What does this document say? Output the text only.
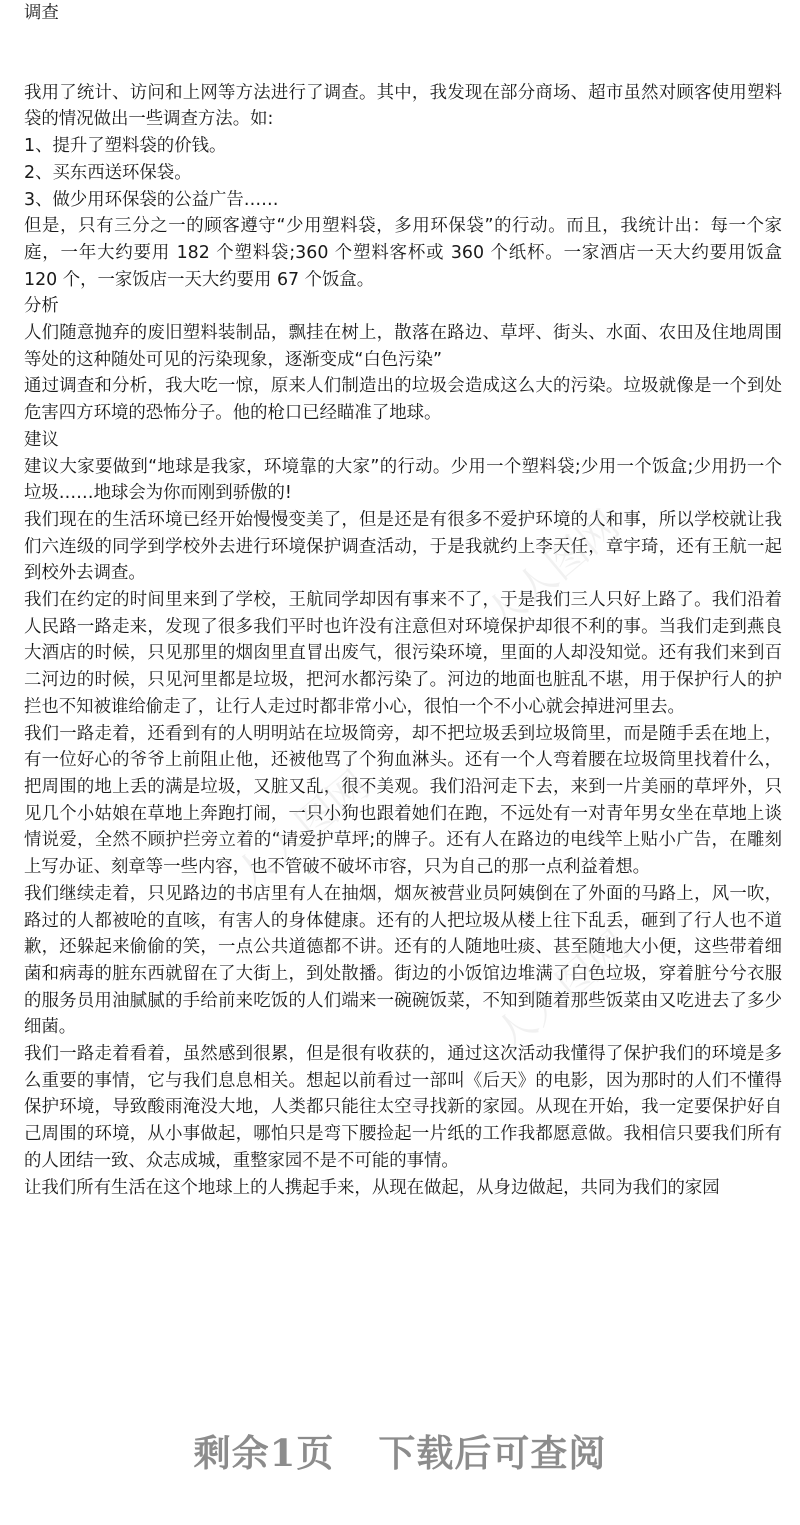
调查

我用了统计、访问和上网等方法进行了调查。其中，我发现在部分商场、超市虽然对顾客使用塑料袋的情况做出一些调查方法。如:

1、提升了塑料袋的价钱。

2、买东西送环保袋。

3、做少用环保袋的公益广告……

但是，只有三分之一的顾客遵守“少用塑料袋，多用环保袋”的行动。而且，我统计出：每一个家庭，一年大约要用 182 个塑料袋;360 个塑料客杯或 360 个纸杯。一家酒店一天大约要用饭盒 120 个，一家饭店一天大约要用 67 个饭盒。

分析

人们随意抛弃的废旧塑料装制品，飘挂在树上，散落在路边、草坪、街头、水面、农田及住地周围等处的这种随处可见的污染现象，逐渐变成“白色污染”

通过调查和分析，我大吃一惊，原来人们制造出的垃圾会造成这么大的污染。垃圾就像是一个到处危害四方环境的恐怖分子。他的枪口已经瞄准了地球。

建议

建议大家要做到“地球是我家，环境靠的大家”的行动。少用一个塑料袋;少用一个饭盒;少用扔一个垃圾……地球会为你而刚到骄傲的!

我们现在的生活环境已经开始慢慢变美了，但是还是有很多不爱护环境的人和事，所以学校就让我们六连级的同学到学校外去进行环境保护调查活动，于是我就约上李天任，章宇琦，还有王航一起到校外去调查。

我们在约定的时间里来到了学校，王航同学却因有事来不了，于是我们三人只好上路了。我们沿着人民路一路走来，发现了很多我们平时也许没有注意但对环境保护却很不利的事。当我们走到燕良大酒店的时候，只见那里的烟囱里直冒出废气，很污染环境，里面的人却没知觉。还有我们来到百二河边的时候，只见河里都是垃圾，把河水都污染了。河边的地面也脏乱不堪，用于保护行人的护拦也不知被谁给偷走了，让行人走过时都非常小心，很怕一个不小心就会掉进河里去。

我们一路走着，还看到有的人明明站在垃圾筒旁，却不把垃圾丢到垃圾筒里，而是随手丢在地上，有一位好心的爷爷上前阻止他，还被他骂了个狗血淋头。还有一个人弯着腰在垃圾筒里找着什么，把周围的地上丢的满是垃圾，又脏又乱，很不美观。我们沿河走下去，来到一片美丽的草坪外，只见几个小姑娘在草地上奔跑打闹，一只小狗也跟着她们在跑，不远处有一对青年男女坐在草地上谈情说爱，全然不顾护拦旁立着的“请爱护草坪;的牌子。还有人在路边的电线竿上贴小广告，在雕刻上写办证、刻章等一些内容，也不管破不破坏市容，只为自己的那一点利益着想。

我们继续走着，只见路边的书店里有人在抽烟，烟灰被营业员阿姨倒在了外面的马路上，风一吹，路过的人都被呛的直咳，有害人的身体健康。还有的人把垃圾从楼上往下乱丢，砸到了行人也不道歉，还躲起来偷偷的笑，一点公共道德都不讲。还有的人随地吐痰、甚至随地大小便，这些带着细菌和病毒的脏东西就留在了大街上，到处散播。街边的小饭馆边堆满了白色垃圾，穿着脏兮兮衣服的服务员用油腻腻的手给前来吃饭的人们端来一碗碗饭菜，不知到随着那些饭菜由又吃进去了多少细菌。

我们一路走着看着，虽然感到很累，但是很有收获的，通过这次活动我懂得了保护我们的环境是多么重要的事情，它与我们息息相关。想起以前看过一部叫《后天》的电影，因为那时的人们不懂得保护环境，导致酸雨淹没大地，人类都只能往太空寻找新的家园。从现在开始，我一定要保护好自己周围的环境，从小事做起，哪怕只是弯下腰捡起一片纸的工作我都愿意做。我相信只要我们所有的人团结一致、众志成城，重整家园不是不可能的事情。

让我们所有生活在这个地球上的人携起手来，从现在做起，从身边做起，共同为我们的家园

人人图网
人人图网
人人图网
剩余1页 下载后可查阅
